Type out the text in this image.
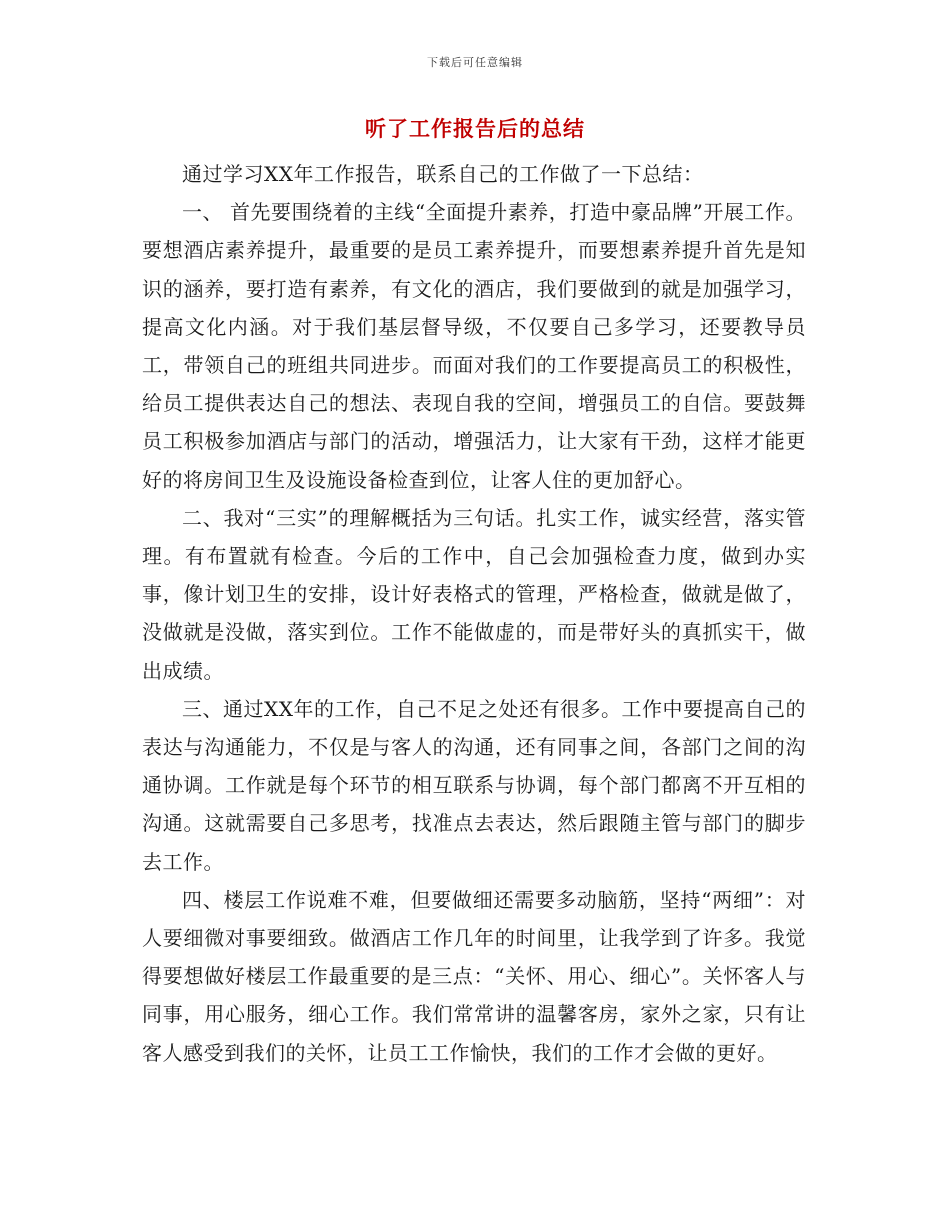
下载后可任意编辑
听了工作报告后的总结

通过学习XX年工作报告，联系自己的工作做了一下总结：

一、 首先要围绕着的主线“全面提升素养，打造中豪品牌”开展工作。要想酒店素养提升，最重要的是员工素养提升，而要想素养提升首先是知识的涵养，要打造有素养，有文化的酒店，我们要做到的就是加强学习，提高文化内涵。对于我们基层督导级，不仅要自己多学习，还要教导员工，带领自己的班组共同进步。而面对我们的工作要提高员工的积极性，给员工提供表达自己的想法、表现自我的空间，增强员工的自信。要鼓舞员工积极参加酒店与部门的活动，增强活力，让大家有干劲，这样才能更好的将房间卫生及设施设备检查到位，让客人住的更加舒心。

二、我对“三实”的理解概括为三句话。扎实工作，诚实经营，落实管理。有布置就有检查。今后的工作中，自己会加强检查力度，做到办实事，像计划卫生的安排，设计好表格式的管理，严格检查，做就是做了，没做就是没做，落实到位。工作不能做虚的，而是带好头的真抓实干，做出成绩。

三、通过XX年的工作，自己不足之处还有很多。工作中要提高自己的表达与沟通能力，不仅是与客人的沟通，还有同事之间，各部门之间的沟通协调。工作就是每个环节的相互联系与协调，每个部门都离不开互相的沟通。这就需要自己多思考，找准点去表达，然后跟随主管与部门的脚步去工作。

四、楼层工作说难不难，但要做细还需要多动脑筋，坚持“两细”：对人要细微对事要细致。做酒店工作几年的时间里，让我学到了许多。我觉得要想做好楼层工作最重要的是三点：“关怀、用心、细心”。关怀客人与同事，用心服务，细心工作。我们常常讲的温馨客房，家外之家，只有让客人感受到我们的关怀，让员工工作愉快，我们的工作才会做的更好。
